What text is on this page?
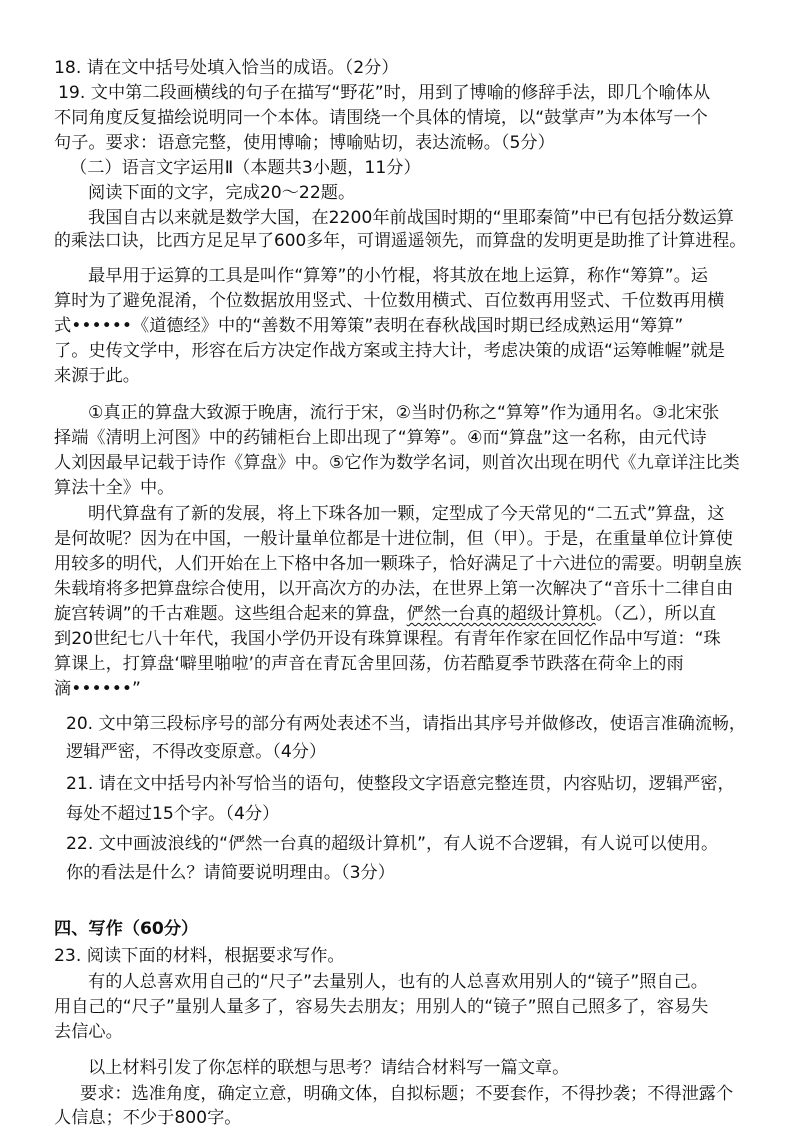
18. 请在文中括号处填入恰当的成语。（2分）
19. 文中第二段画横线的句子在描写“野花”时，用到了博喻的修辞手法，即几个喻体从
不同角度反复描绘说明同一个本体。请围绕一个具体的情境，以“鼓掌声”为本体写一个
句子。要求：语意完整，使用博喻；博喻贴切，表达流畅。（5分）
（二）语言文字运用Ⅱ（本题共3小题，11分）
阅读下面的文字，完成20～22题。
我国自古以来就是数学大国，在2200年前战国时期的“里耶秦简”中已有包括分数运算
的乘法口诀，比西方足足早了600多年，可谓遥遥领先，而算盘的发明更是助推了计算进程。
最早用于运算的工具是叫作“算筹”的小竹棍，将其放在地上运算，称作“筹算”。运
算时为了避免混淆，个位数据放用竖式、十位数用横式、百位数再用竖式、千位数再用横
式••••••《道德经》中的“善数不用筹策”表明在春秋战国时期已经成熟运用“筹算”
了。史传文学中，形容在后方决定作战方案或主持大计，考虑决策的成语“运筹帷幄”就是
来源于此。
①真正的算盘大致源于晚唐，流行于宋，②当时仍称之“算筹”作为通用名。③北宋张
择端《清明上河图》中的药铺柜台上即出现了“算筹”。④而“算盘”这一名称，由元代诗
人刘因最早记载于诗作《算盘》中。⑤它作为数学名词，则首次出现在明代《九章详注比类
算法十全》中。
明代算盘有了新的发展，将上下珠各加一颗，定型成了今天常见的“二五式”算盘，这
是何故呢？因为在中国，一般计量单位都是十进位制，但（甲）。于是，在重量单位计算使
用较多的明代，人们开始在上下格中各加一颗珠子，恰好满足了十六进位的需要。明朝皇族
朱载堉将多把算盘综合使用，以开高次方的办法，在世界上第一次解决了“音乐十二律自由
旋宫转调”的千古难题。这些组合起来的算盘，俨然一台真的超级计算机。（乙），所以直
到20世纪七八十年代，我国小学仍开设有珠算课程。有青年作家在回忆作品中写道：“珠
算课上，打算盘‘噼里啪啦’的声音在青瓦舍里回荡，仿若酷夏季节跌落在荷伞上的雨
滴••••••”
20. 文中第三段标序号的部分有两处表述不当，请指出其序号并做修改，使语言准确流畅，
逻辑严密，不得改变原意。（4分）
21. 请在文中括号内补写恰当的语句，使整段文字语意完整连贯，内容贴切，逻辑严密，
每处不超过15个字。（4分）
22. 文中画波浪线的“俨然一台真的超级计算机”，有人说不合逻辑，有人说可以使用。
你的看法是什么？请简要说明理由。（3分）
四、写作（60分）
23. 阅读下面的材料，根据要求写作。
有的人总喜欢用自己的“尺子”去量别人，也有的人总喜欢用别人的“镜子”照自己。
用自己的“尺子”量别人量多了，容易失去朋友；用别人的“镜子”照自己照多了，容易失
去信心。
以上材料引发了你怎样的联想与思考？请结合材料写一篇文章。
要求：选准角度，确定立意，明确文体，自拟标题；不要套作，不得抄袭；不得泄露个
人信息；不少于800字。
